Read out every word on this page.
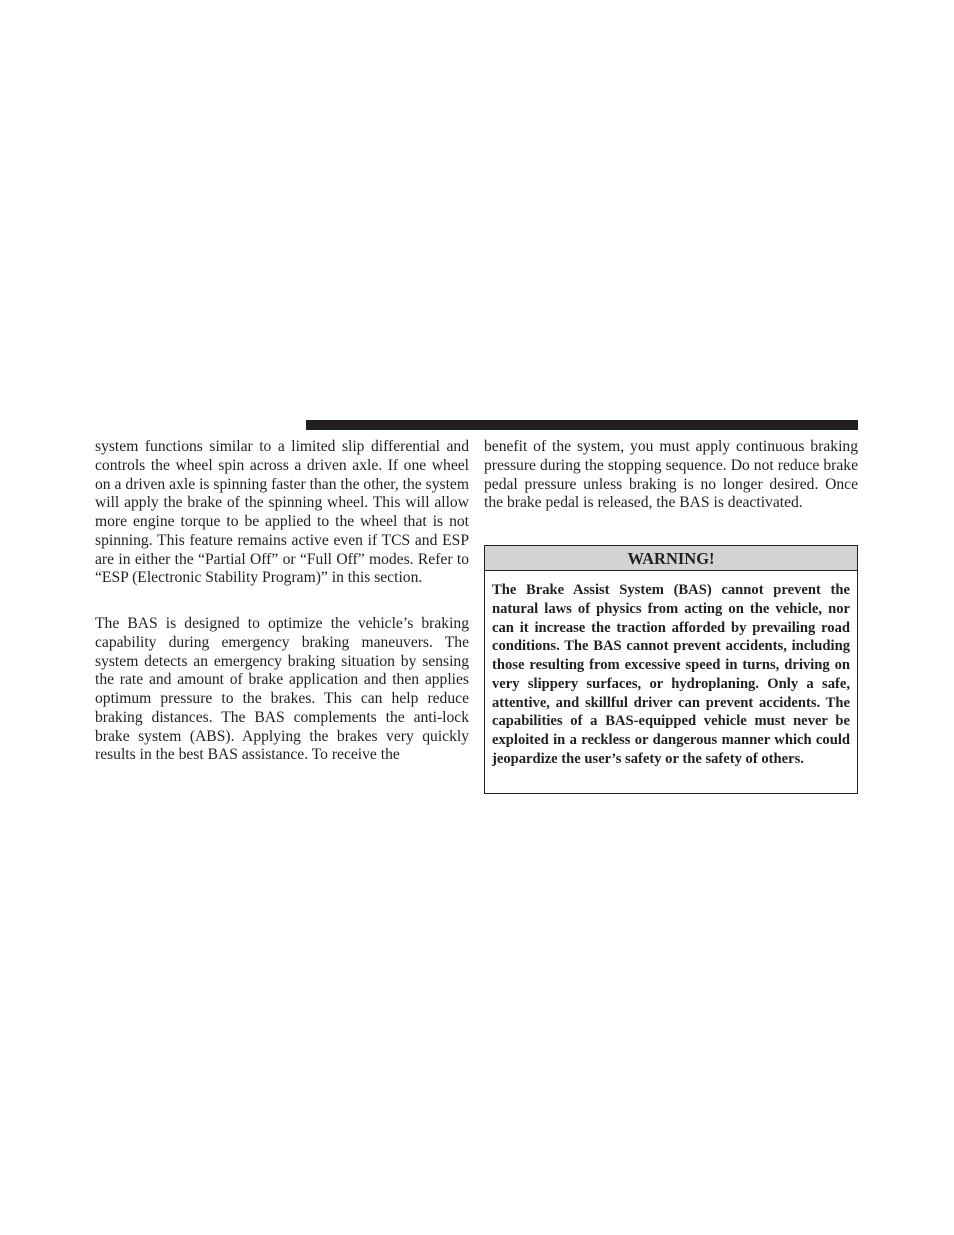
system functions similar to a limited slip differential and controls the wheel spin across a driven axle. If one wheel on a driven axle is spinning faster than the other, the system will apply the brake of the spinning wheel. This will allow more engine torque to be applied to the wheel that is not spinning. This feature remains active even if TCS and ESP are in either the “Partial Off” or “Full Off” modes. Refer to “ESP (Electronic Stability Program)” in this section.

The BAS is designed to optimize the vehicle’s braking capability during emergency braking maneuvers. The system detects an emergency braking situation by sensing the rate and amount of brake application and then applies optimum pressure to the brakes. This can help reduce braking distances. The BAS complements the anti-lock brake system (ABS). Applying the brakes very quickly results in the best BAS assistance. To receive the

benefit of the system, you must apply continuous braking pressure during the stopping sequence. Do not reduce brake pedal pressure unless braking is no longer desired. Once the brake pedal is released, the BAS is deactivated.

WARNING!
The Brake Assist System (BAS) cannot prevent the natural laws of physics from acting on the vehicle, nor can it increase the traction afforded by prevailing road conditions. The BAS cannot prevent accidents, including those resulting from excessive speed in turns, driving on very slippery surfaces, or hydroplaning. Only a safe, attentive, and skillful driver can prevent accidents. The capabilities of a BAS-equipped vehicle must never be exploited in a reckless or dangerous manner which could jeopardize the user’s safety or the safety of others.
